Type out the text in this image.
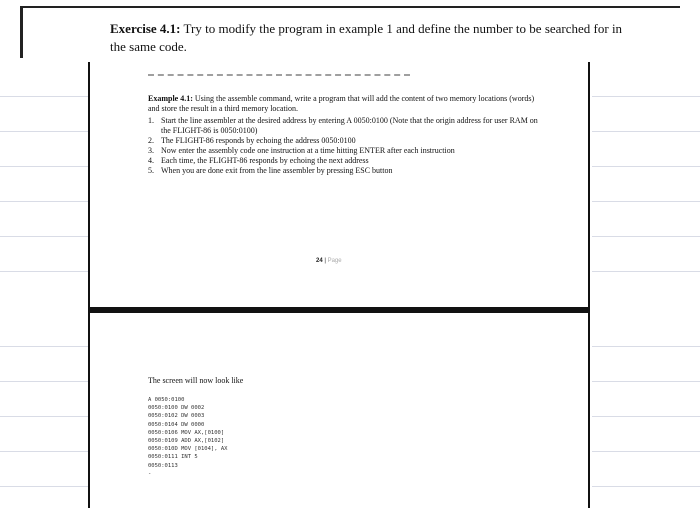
Exercise 4.1: Try to modify the program in example 1 and define the number to be searched for in the same code.
Example 4.1: Using the assemble command, write a program that will add the content of two memory locations (words) and store the result in a third memory location.
1. Start the line assembler at the desired address by entering A 0050:0100 (Note that the origin address for user RAM on the FLIGHT-86 is 0050:0100)
2. The FLIGHT-86 responds by echoing the address 0050:0100
3. Now enter the assembly code one instruction at a time hitting ENTER after each instruction
4. Each time, the FLIGHT-86 responds by echoing the next address
5. When you are done exit from the line assembler by pressing ESC button
24 | Page
The screen will now look like
A 0050:0100
0050:0100 DW 0002
0050:0102 DW 0003
0050:0104 DW 0000
0050:0106 MOV AX,[0100]
0050:0109 ADD AX,[0102]
0050:010D MOV [0104], AX
0050:0111 INT 5
0050:0113
-
